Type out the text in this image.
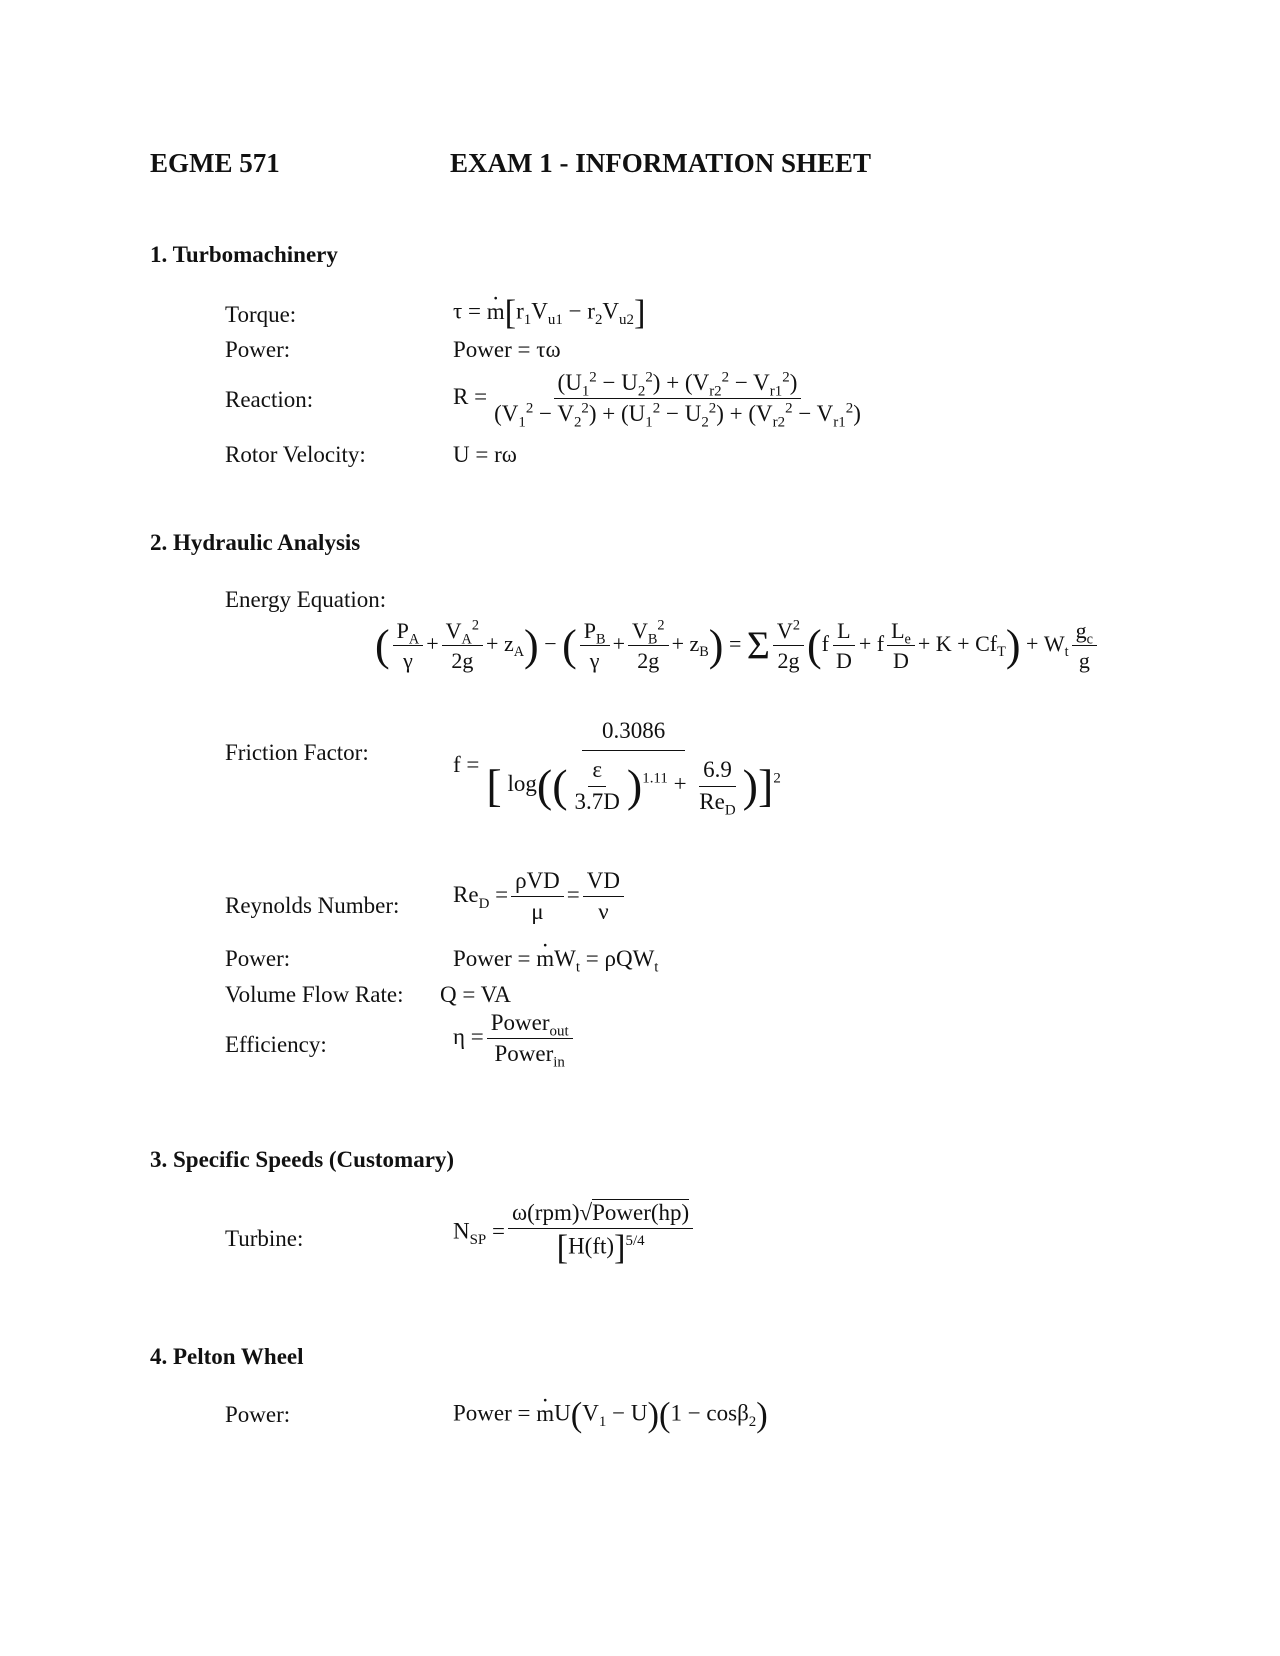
EGME 571	EXAM 1 - INFORMATION SHEET
1. Turbomachinery
Torque:	$\tau = m \cdot[r_1V_{u1} - r_2V_{u2}]$
Power:	Power = τω
Reaction:	$R = \frac{(U_1^2 - U_2^2) + (V_{r2}^2 - V_{r1}^2)}{(V_1^2 - V_2^2) + (U_1^2 - U_2^2) + (V_{r2}^2 - V_{r1}^2)}$
Rotor Velocity:	U = rω
2. Hydraulic Analysis
Energy Equation:
( $\frac{P_A}{\gamma} + \frac{V_A^2}{2g} + z_A$) − ( $\frac{P_B}{\gamma} + \frac{V_B^2}{2g} + z_B) = \Sigma \frac{V^2}{2g} (f \frac{L}{D} + f \frac{L_e}{D} + K + Cf_T) + W_t \frac{g_c}{g}$
Friction Factor:	$f = \frac{0.3086}{[ \log(( \frac{\varepsilon}{3.7D} )^{1.11} + \frac{6.9}{Re_D} )]^2}$
Reynolds Number: $Re_D = \frac{\text{ρVD}}{\mu} = \frac{VD}{\nu}$
Power:	Power = $m \cdot W_t = \rho QW_t$
Volume Flow Rate: Q = VA
Efficiency:	$\eta = \frac{Power_{out}}{Power_{in}}$
3. Specific Speeds (Customary)
Turbine:	$N_{SP} = \frac{\text{ω(rpm)√Power(hp)}}{[H(ft)]^{5/4}}$
4. Pelton Wheel
Power:	Power = $m \cdot U(V_1 - U)(1 - \cos\beta_2)$
